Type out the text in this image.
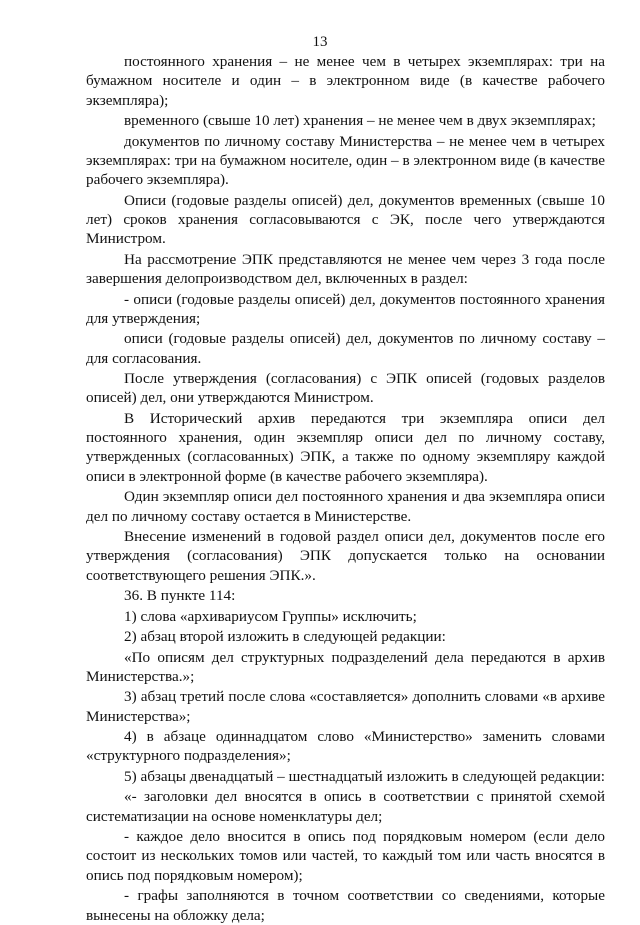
13

постоянного хранения – не менее чем в четырех экземплярах: три на бумажном носителе и один – в электронном виде (в качестве рабочего экземпляра);

временного (свыше 10 лет) хранения – не менее чем в двух экземплярах;

документов по личному составу Министерства – не менее чем в четырех экземплярах: три на бумажном носителе, один – в электронном виде (в качестве рабочего экземпляра).

Описи (годовые разделы описей) дел, документов временных (свыше 10 лет) сроков хранения согласовываются с ЭК, после чего утверждаются Министром.

На рассмотрение ЭПК представляются не менее чем через 3 года после завершения делопроизводством дел, включенных в раздел:

- описи (годовые разделы описей) дел, документов постоянного хранения для утверждения;

описи (годовые разделы описей) дел, документов по личному составу – для согласования.

После утверждения (согласования) с ЭПК описей (годовых разделов описей) дел, они утверждаются Министром.

В Исторический архив передаются три экземпляра описи дел постоянного хранения, один экземпляр описи дел по личному составу, утвержденных (согласованных) ЭПК, а также по одному экземпляру каждой описи в электронной форме (в качестве рабочего экземпляра).

Один экземпляр описи дел постоянного хранения и два экземпляра описи дел по личному составу остается в Министерстве.

Внесение изменений в годовой раздел описи дел, документов после его утверждения (согласования) ЭПК допускается только на основании соответствующего решения ЭПК.».

36. В пункте 114:

1) слова «архивариусом Группы» исключить;

2) абзац второй изложить в следующей редакции:

«По описям дел структурных подразделений дела передаются в архив Министерства.»;

3) абзац третий после слова «составляется» дополнить словами «в архиве Министерства»;

4) в абзаце одиннадцатом слово «Министерство» заменить словами «структурного подразделения»;

5) абзацы двенадцатый – шестнадцатый изложить в следующей редакции:

«- заголовки дел вносятся в опись в соответствии с принятой схемой систематизации на основе номенклатуры дел;

- каждое дело вносится в опись под порядковым номером (если дело состоит из нескольких томов или частей, то каждый том или часть вносятся в опись под порядковым номером);

- графы заполняются в точном соответствии со сведениями, которые вынесены на обложку дела;
